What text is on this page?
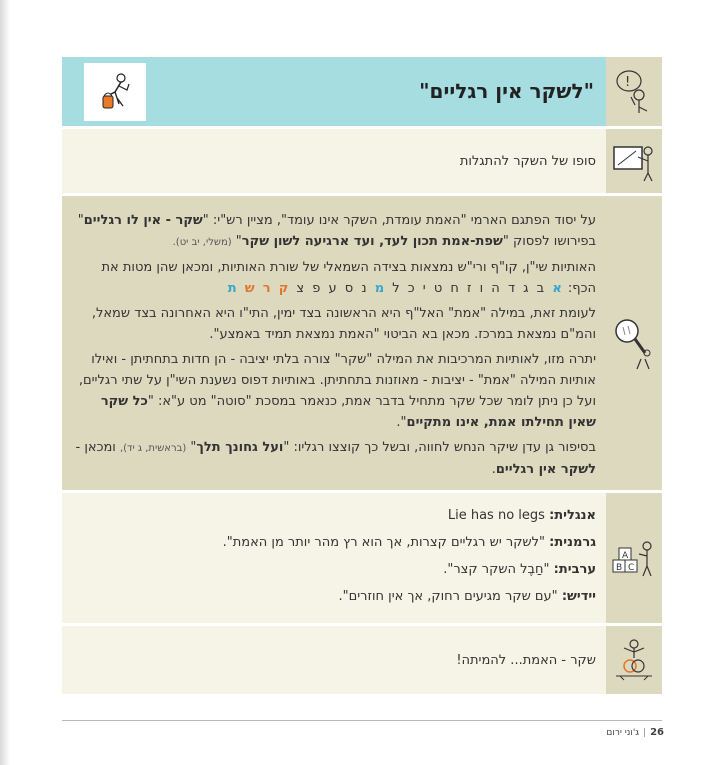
"לשקר אין רגליים" !
סופו של השקר להתגלות

על יסוד הפתגם הארמי "האמת עומדת, השקר אינו עומד", מציין רש"י: "שקר - אין לו רגליים" בפירושו לפסוק "שפת-אמת תכון לעד, ועד ארגיעה לשון שקר" (משלי, יב יט).

האותיות שי"ן, קו"ף ורי"ש נמצאות בצידה השמאלי של שורת האותיות, ומכאן שהן מטות את הכף: א ב ג ד ה ו ז ח ט י כ ל מ נ ס ע פ צ ק ר ש ת

לעומת זאת, במילה "אמת" האל"ף היא הראשונה בצד ימין, התי"ו היא האחרונה בצד שמאל, והמ"ם נמצאת במרכז. מכאן בא הביטוי "האמת נמצאת תמיד באמצע".

יתרה מזו, לאותיות המרכיבות את המילה "שקר" צורה בלתי יציבה - הן חדות בתחתיתן - ואילו אותיות המילה "אמת" - יציבות - מאוזנות בתחתיתן. באותיות דפוס נשענת השי"ן על שתי רגליים, ועל כן ניתן לומר שכל שקר מתחיל בדבר אמת, כנאמר במסכת "סוטה" מט ע"א: "כל שקר שאין תחילתו אמת, אינו מתקיים".

בסיפור גן עדן שיקר הנחש לחווה, ובשל כך קוצצו רגליו: "ועל גחונך תלך" (בראשית, ג יד), ומכאן - לשקר אין רגליים.

אנגלית: Lie has no legs

גרמנית: "לשקר יש רגליים קצרות, אך הוא רץ מהר יותר מן האמת".

ערבית: "חַבֶל השקר קצר".

יידיש: "עם שקר מגיעים רחוק, אך אין חוזרים".

B C
A
שקר - האמת... להמיתה!
26|ג'וני ירום
